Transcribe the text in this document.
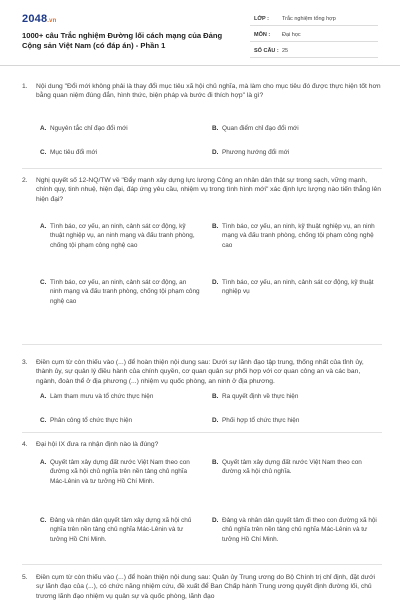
2048.vn
1000+ câu Trắc nghiệm Đường lối cách mạng của Đảng Cộng sản Việt Nam (có đáp án) - Phần 1
LỚP :	Trắc nghiệm tổng hợp
MÔN :	Đại học
SỐ CÂU : 25
1.	Nội dung "Đổi mới không phải là thay đổi mục tiêu xã hội chủ nghĩa, mà làm cho mục tiêu đó được thực hiện tốt hơn bằng quan niệm đúng đắn, hình thức, biện pháp và bước đi thích hợp" là gì?
A. Nguyên tắc chỉ đạo đổi mới	B. Quan điểm chỉ đạo đổi mới
C. Mục tiêu đổi mới	D. Phương hướng đổi mới
2.	Nghị quyết số 12-NQ/TW về "Đẩy mạnh xây dựng lực lượng Công an nhân dân thật sự trong sạch, vững mạnh, chính quy, tinh nhuệ, hiện đại, đáp ứng yêu cầu, nhiệm vụ trong tình hình mới" xác định lực lượng nào tiến thẳng lên hiện đại?
A. Tình báo, cơ yếu, an ninh, cảnh sát cơ động, kỹ thuật nghiệp vụ, an ninh mạng và đấu tranh phòng, chống tội phạm công nghệ cao
B. Tình báo, cơ yếu, an ninh, kỹ thuật nghiệp vụ, an ninh mạng và đấu tranh phòng, chống tội phạm công nghệ cao
C. Tình báo, cơ yếu, an ninh, cảnh sát cơ động, an ninh mạng và đấu tranh phòng, chống tội phạm công nghệ cao
D. Tình báo, cơ yếu, an ninh, cảnh sát cơ động, kỹ thuật nghiệp vụ
3.	Điền cụm từ còn thiếu vào (...) để hoàn thiện nội dung sau: Dưới sự lãnh đạo tập trung, thống nhất của tỉnh ủy, thành ủy, sự quản lý điều hành của chính quyền, cơ quan quân sự phối hợp với cơ quan công an và các ban, ngành, đoàn thể ở địa phương (...) nhiệm vụ quốc phòng, an ninh ở địa phương.
A. Làm tham mưu và tổ chức thực hiện	B. Ra quyết định về thực hiện
C. Phân công tổ chức thực hiện	D. Phối hợp tổ chức thực hiện
4.	Đại hội IX đưa ra nhận định nào là đúng?
A. Quyết tâm xây dựng đất nước Việt Nam theo con đường xã hội chủ nghĩa trên nền tảng chủ nghĩa Mác-Lênin và tư tưởng Hồ Chí Minh.
B. Quyết tâm xây dựng đất nước Việt Nam theo con đường xã hội chủ nghĩa.
C. Đảng và nhân dân quyết tâm xây dựng xã hội chủ nghĩa trên nền tảng chủ nghĩa Mác-Lênin và tư tưởng Hồ Chí Minh.
D. Đảng và nhân dân quyết tâm đi theo con đường xã hội chủ nghĩa trên nền tảng chủ nghĩa Mác-Lênin và tư tưởng Hồ Chí Minh.
5.	Điền cụm từ còn thiếu vào (...) để hoàn thiện nội dung sau: Quân ủy Trung ương do Bộ Chính trị chỉ định, đặt dưới sự lãnh đạo của (...), có chức năng nhiệm cứu, đề xuất để Ban Chấp hành Trung ương quyết định đường lối, chủ trương lãnh đạo nhiệm vụ quân sự và quốc phòng, lãnh đạo
